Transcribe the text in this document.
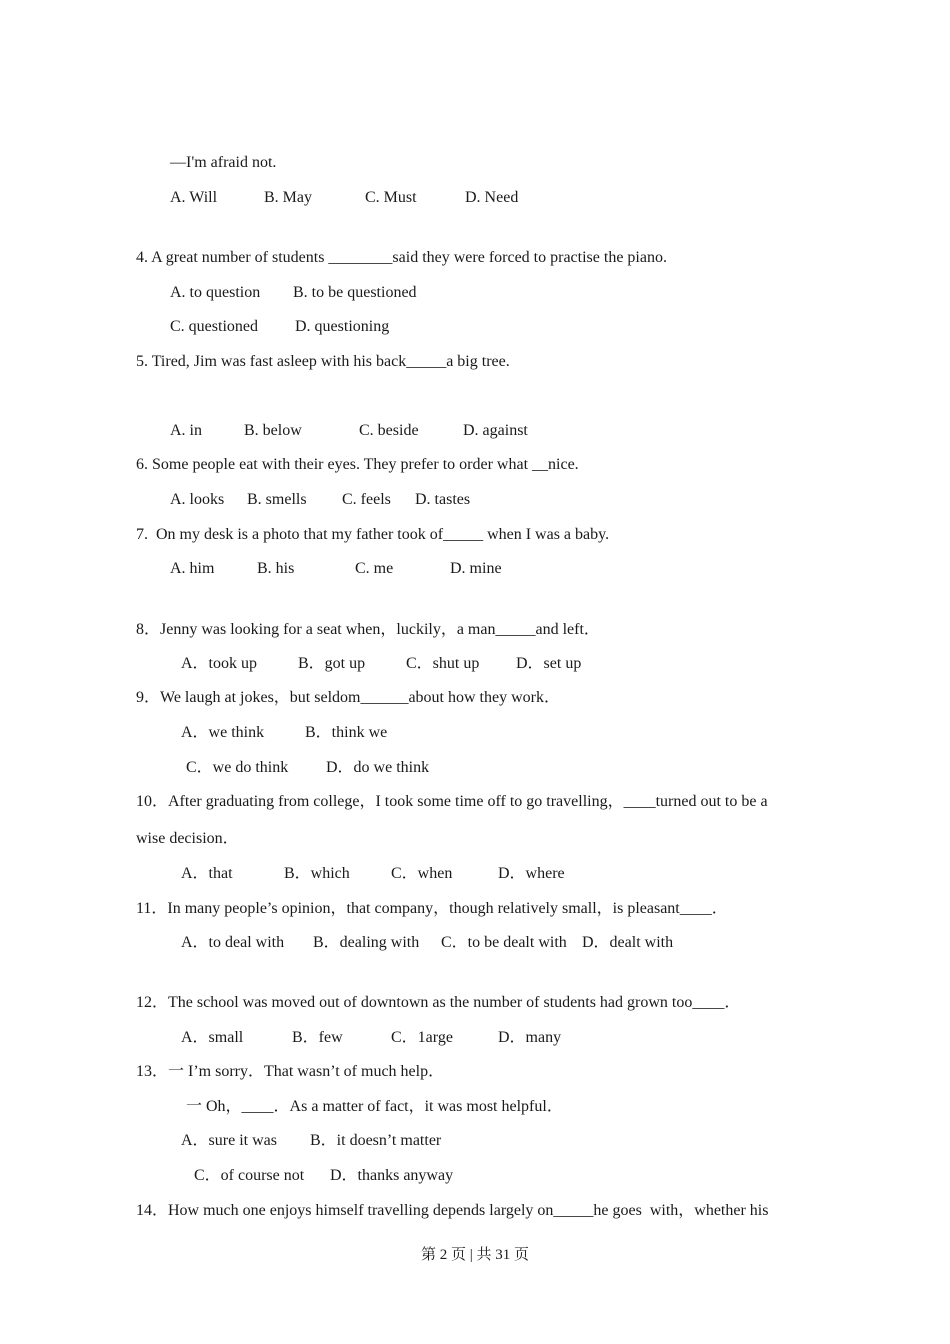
—I'm afraid not.
A. Will	B. May	C. Must	D. Need
4. A great number of students ________said they were forced to practise the piano.
A. to question B. to be questioned
C. questioned D. questioning
5. Tired, Jim was fast asleep with his back_____a big tree.
A. in	B. below	C. beside	D. against
6. Some people eat with their eyes. They prefer to order what __nice.
A. looks B. smells C. feels D. tastes
7.  On my desk is a photo that my father took of_____ when I was a baby.
A. him	B. his	C. me	D. mine
8．Jenny was looking for a seat when，luckily，a man_____and left．
A．took up	B．got up	C．shut up D．set up
9．We laugh at jokes，but seldom______about how they work．
A．we think	B．think we
C．we do think D．do we think
10．After graduating from college，I took some time off to go travelling，____turned out to be a
wise decision．
A．that	B．which	C．when	D．where
11．In many people’s opinion，that company，though relatively small，is pleasant____．
A．to deal with B．dealing with C．to be dealt with D．dealt with
12．The school was moved out of downtown as the number of students had grown too____．
A．small	B．few	C．1arge	D．many
13．一 I’m sorry．That wasn’t of much help．
一 Oh，____．As a matter of fact，it was most helpful．
A．sure it was B．it doesn’t matter
C．of course not D．thanks anyway
14．How much one enjoys himself travelling depends largely on_____he goes  with，whether his
第 2 页 | 共 31 页
